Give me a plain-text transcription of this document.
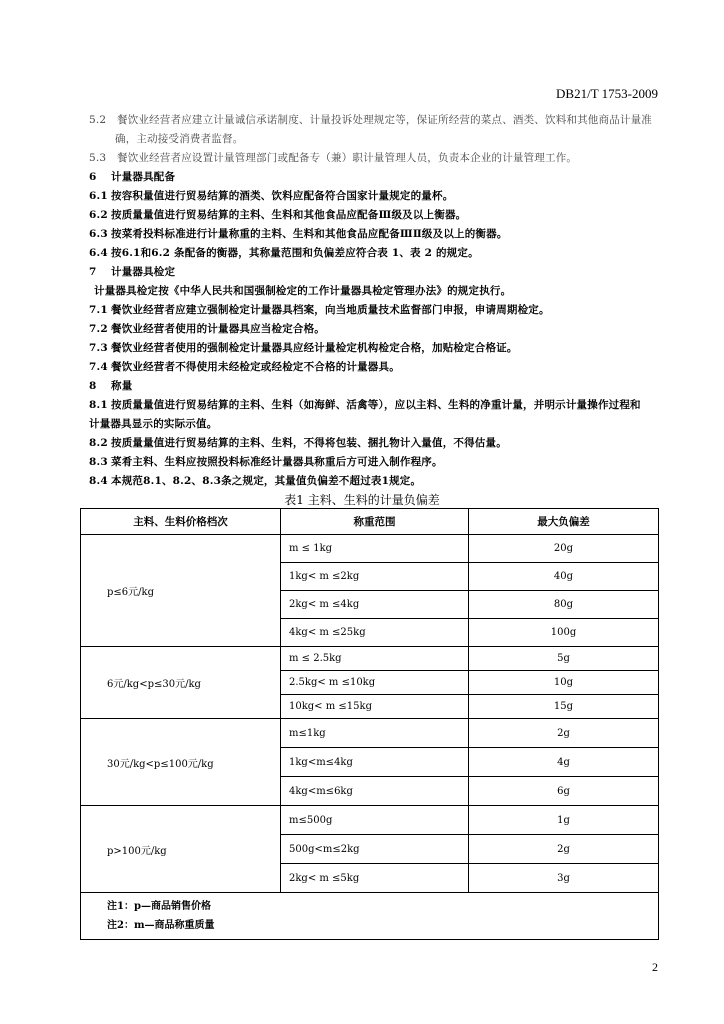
DB21/T 1753-2009
5.2 餐饮业经营者应建立计量诚信承诺制度、计量投诉处理规定等，保证所经营的菜点、酒类、饮料和其他商品计量准
确，主动接受消费者监督。
5.3 餐饮业经营者应设置计量管理部门或配备专（兼）职计量管理人员，负责本企业的计量管理工作。
6 计量器具配备
6.1 按容积量值进行贸易结算的酒类、饮料应配备符合国家计量规定的量杯。
6.2 按质量量值进行贸易结算的主料、生料和其他食品应配备Ⅲ级及以上衡器。
6.3 按菜肴投料标准进行计量称重的主料、生料和其他食品应配备ⅢⅡ级及以上的衡器。
6.4 按6.1和6.2 条配备的衡器，其称量范围和负偏差应符合表 1、表 2 的规定。
7 计量器具检定
计量器具检定按《中华人民共和国强制检定的工作计量器具检定管理办法》的规定执行。
7.1 餐饮业经营者应建立强制检定计量器具档案，向当地质量技术监督部门申报，申请周期检定。
7.2 餐饮业经营者使用的计量器具应当检定合格。
7.3 餐饮业经营者使用的强制检定计量器具应经计量检定机构检定合格，加贴检定合格证。
7.4 餐饮业经营者不得使用未经检定或经检定不合格的计量器具。
8 称量
8.1 按质量量值进行贸易结算的主料、生料（如海鲜、活禽等），应以主料、生料的净重计量，并明示计量操作过程和
计量器具显示的实际示值。
8.2 按质量量值进行贸易结算的主料、生料，不得将包装、捆扎物计入量值，不得估量。
8.3 菜肴主料、生料应按照投料标准经计量器具称重后方可进入制作程序。
8.4 本规范8.1、8.2、8.3条之规定，其量值负偏差不超过表1规定。
表1 主料、生料的计量负偏差
主料、生料价格档次	称重范围	最大负偏差
p≤6元/kg	m ≤ 1kg	20g
	1kg< m ≤2kg	40g
	2kg< m ≤4kg	80g
	4kg< m ≤25kg	100g
6元/kg<p≤30元/kg	m ≤ 2.5kg	5g
	2.5kg< m ≤10kg	10g
	10kg< m ≤15kg	15g
30元/kg<p≤100元/kg	m≤1kg	2g
	1kg<m≤4kg	4g
	4kg<m≤6kg	6g
p>100元/kg	m≤500g	1g
	500g<m≤2kg	2g
	2kg< m ≤5kg	3g

注1：p—商品销售价格
注2：m—商品称重质量		
2
